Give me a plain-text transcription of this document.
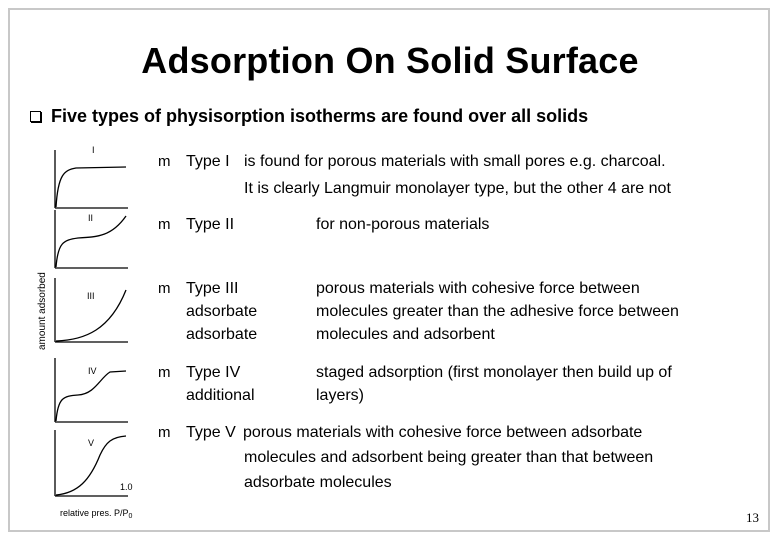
Adsorption On Solid Surface
Five types of physisorption isotherms are found over all solids
I
II
III
IV
V
1.0
relative pres. $P/P_0$
amount adsorbed
m Type I is found for porous materials with small pores e.g. charcoal.
It is clearly Langmuir monolayer type, but the other 4 are not
m Type II	for non-porous materials
m Type III
adsorbate
adsorbate
porous materials with cohesive force between
molecules greater than the adhesive force between
molecules and adsorbent
m Type IV
additional
staged adsorption (first monolayer then build up of
layers)
m Type V porous materials with cohesive force between adsorbate
molecules and adsorbent being greater than that between
adsorbate molecules
13
